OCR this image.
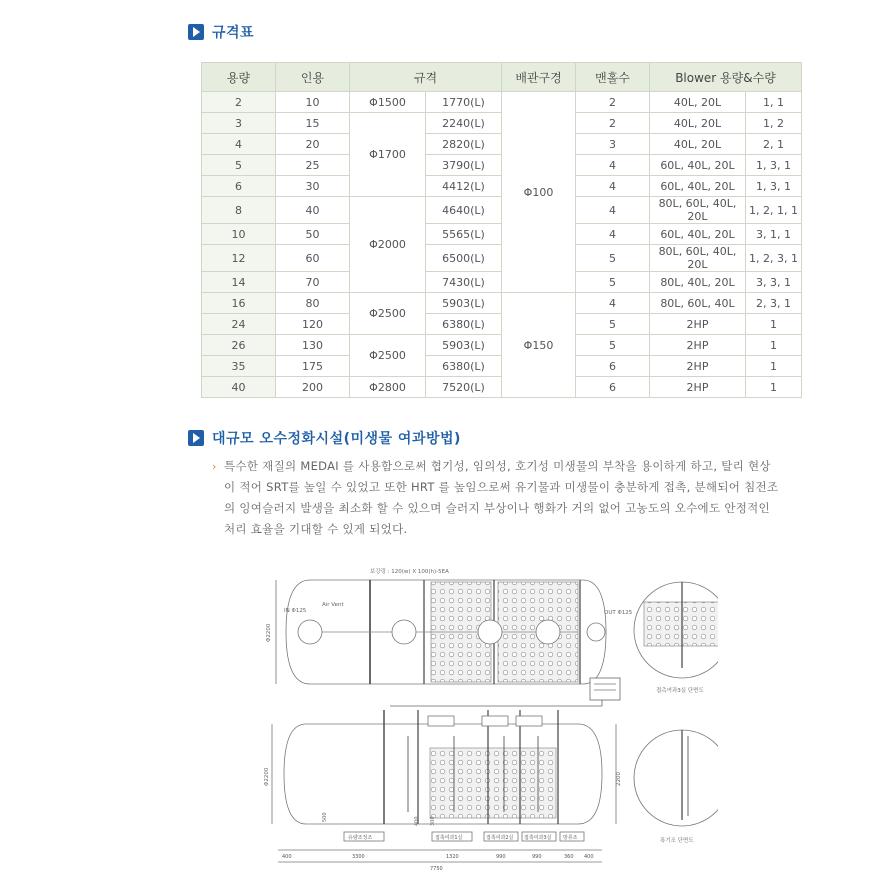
규격표
용량	인용	규격		배관구경	맨홀수	Blower 용량&수량	
2	10	Φ1500	1770(L)	Φ100	2	40L, 20L	1, 1
3	15	Φ1700	2240(L)		2	40L, 20L	1, 2
4	20		2820(L)		3	40L, 20L	2, 1
5	25		3790(L)		4	60L, 40L, 20L	1, 3, 1
6	30		4412(L)		4	60L, 40L, 20L	1, 3, 1
8	40	Φ2000	4640(L)		4	80L, 60L, 40L, 20L	1, 2, 1, 1
10	50		5565(L)		4	60L, 40L, 20L	3, 1, 1
12	60		6500(L)		5	80L, 60L, 40L, 20L	1, 2, 3, 1
14	70		7430(L)		5	80L, 40L, 20L	3, 3, 1
16	80	Φ2500	5903(L)	Φ150	4	80L, 60L, 40L	2, 3, 1
24	120		6380(L)		5	2HP	1
26	130	Φ2500	5903(L)		5	2HP	1
35	175		6380(L)		6	2HP	1
40	200	Φ2800	7520(L)		6	2HP	1
대규모 오수정화시설(미생물 여과방법)
› 특수한 재질의 MEDAI 를 사용함으로써 협기성, 임의성, 호기성 미생물의 부착을 용이하게 하고, 탈리 현상이 적어 SRT를 높일 수 있었고 또한 HRT 를 높임으로써 유기물과 미생물이 충분하게 접촉, 분해되어 침전조의 잉여슬러지 발생을 최소화 할 수 있으며 슬러지 부상이나 행화가 거의 없어 고농도의 오수에도 안정적인 처리 효율을 기대할 수 있게 되었다.

보강링 : 120(w) X 100(h)-5EA
IN Φ125
Air Vent
OUT Φ125
Φ2200
접촉여과3실 단면도
Φ2200	2200
500	300
400
유량조정조	접촉여과1실	접촉여과2실 접촉여과3실 방류조
400	3300	1320	990	990	360 400
7750
폭기조 단면도
